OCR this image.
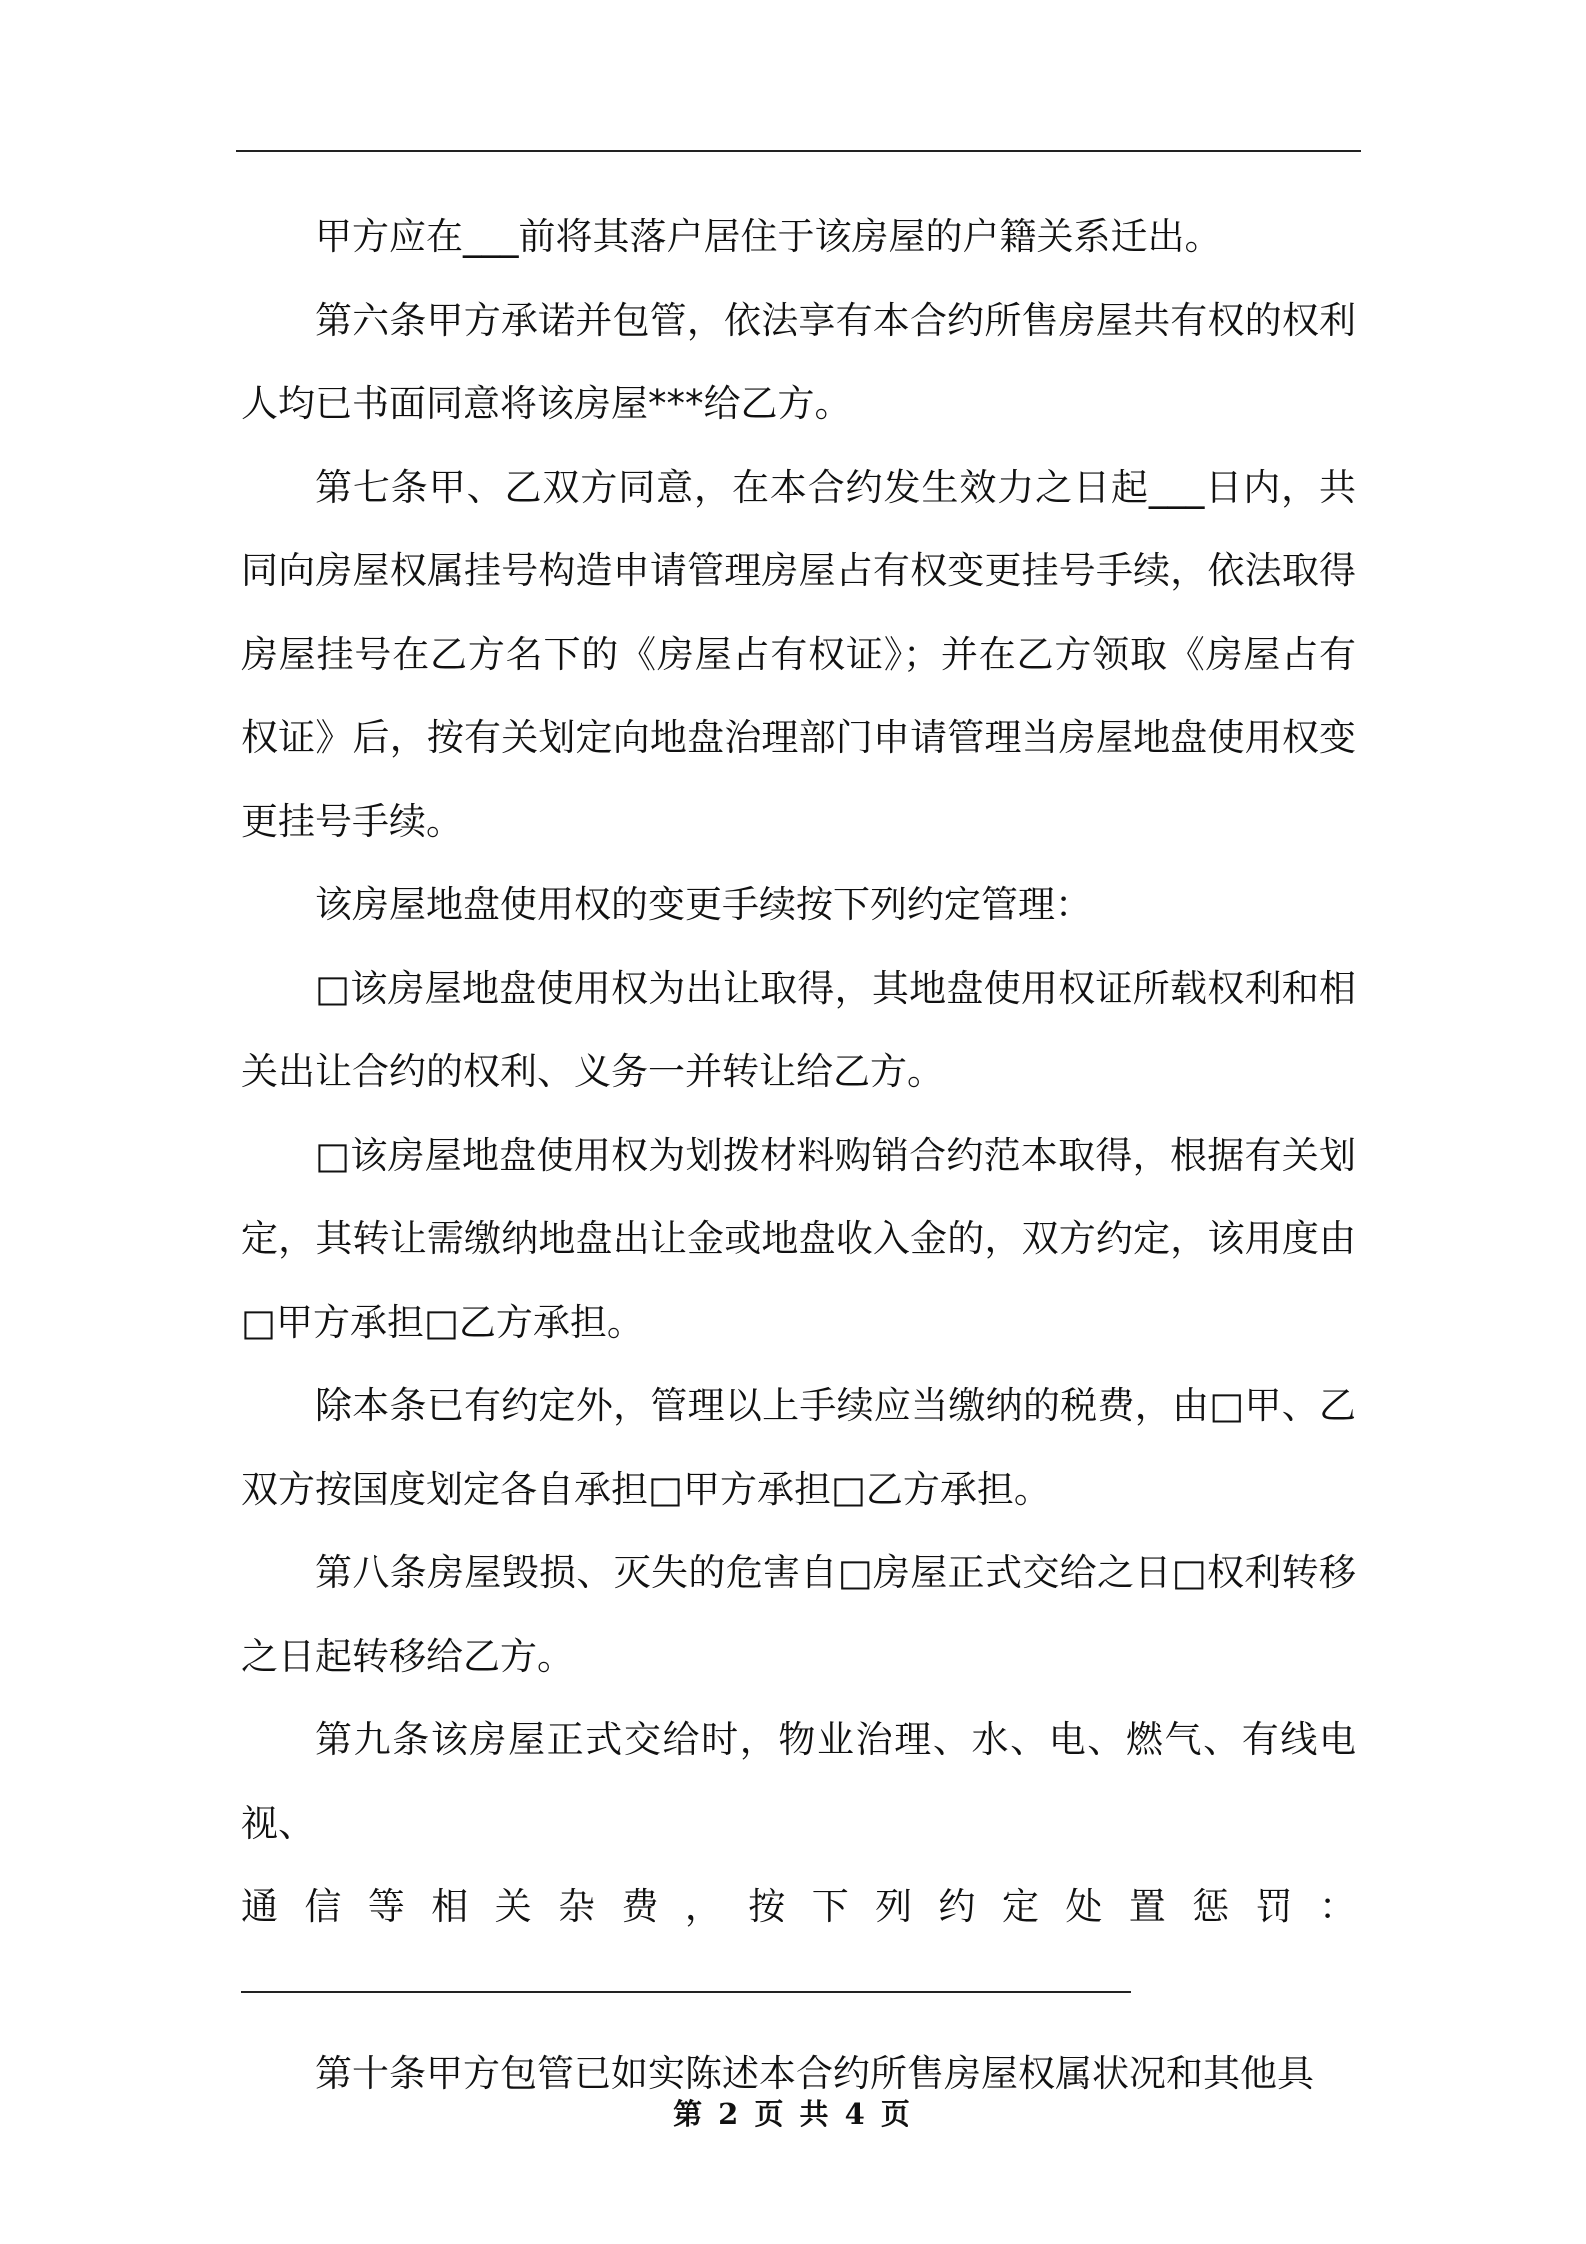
甲方应在___前将其落户居住于该房屋的户籍关系迁出。

第六条甲方承诺并包管，依法享有本合约所售房屋共有权的权利人均已书面同意将该房屋***给乙方。

第七条甲、乙双方同意，在本合约发生效力之日起___日内，共同向房屋权属挂号构造申请管理房屋占有权变更挂号手续，依法取得房屋挂号在乙方名下的《房屋占有权证》；并在乙方领取《房屋占有权证》后，按有关划定向地盘治理部门申请管理当房屋地盘使用权变更挂号手续。

该房屋地盘使用权的变更手续按下列约定管理：

□该房屋地盘使用权为出让取得，其地盘使用权证所载权利和相关出让合约的权利、义务一并转让给乙方。

□该房屋地盘使用权为划拨材料购销合约范本取得，根据有关划定，其转让需缴纳地盘出让金或地盘收入金的，双方约定，该用度由□甲方承担□乙方承担。

除本条已有约定外，管理以上手续应当缴纳的税费，由□甲、乙双方按国度划定各自承担□甲方承担□乙方承担。

第八条房屋毁损、灭失的危害自□房屋正式交给之日□权利转移之日起转移给乙方。

第九条该房屋正式交给时，物业治理、水、电、燃气、有线电视、

通信等相关杂费，按下列约定处置惩罚：

第十条甲方包管已如实陈述本合约所售房屋权属状况和其他具

第 2 页 共 4 页
